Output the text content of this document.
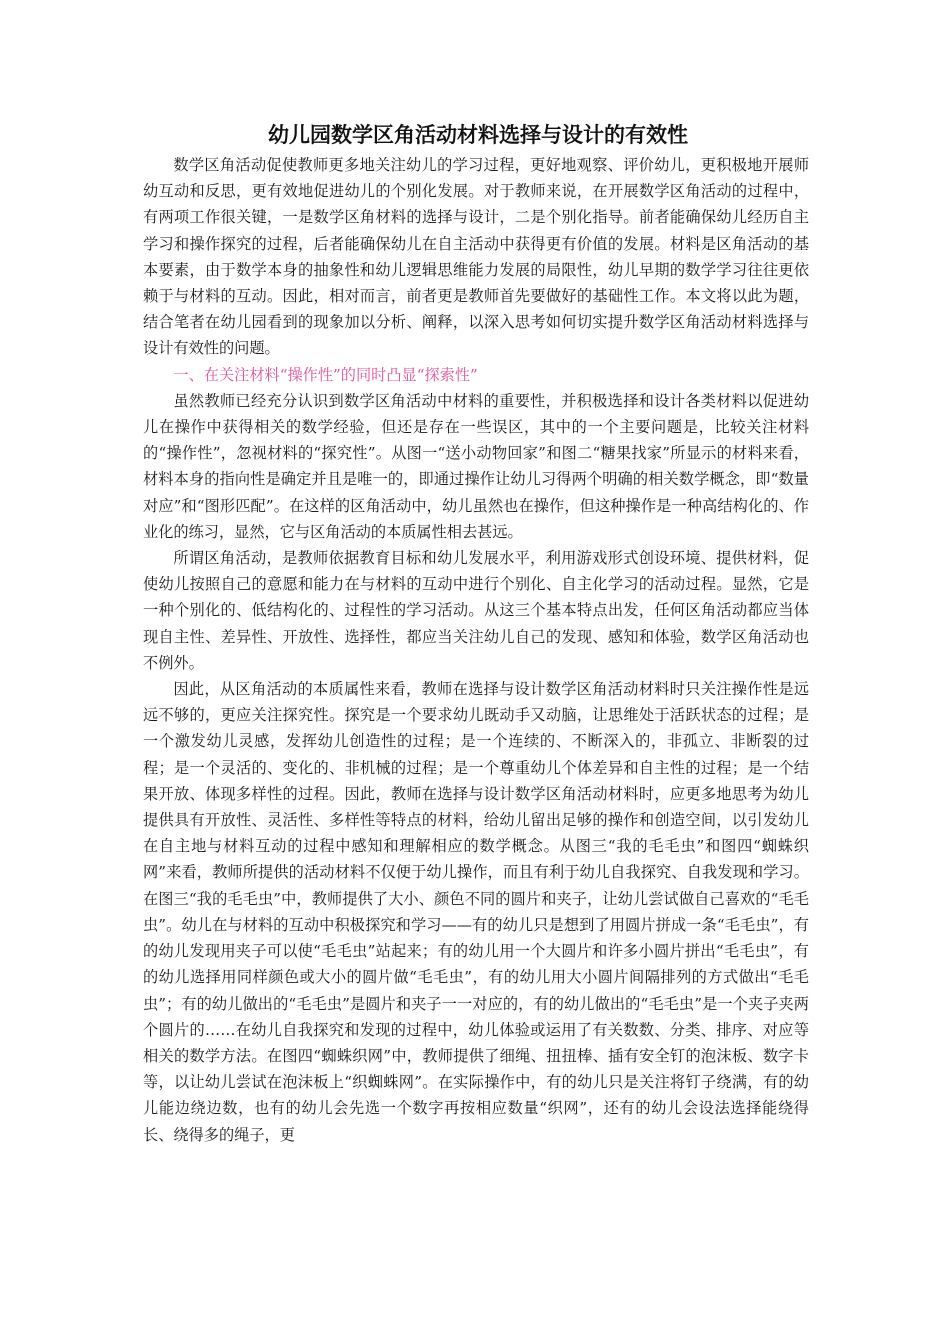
幼儿园数学区角活动材料选择与设计的有效性

数学区角活动促使教师更多地关注幼儿的学习过程，更好地观察、评价幼儿，更积极地开展师幼互动和反思，更有效地促进幼儿的个别化发展。对于教师来说，在开展数学区角活动的过程中，有两项工作很关键，一是数学区角材料的选择与设计，二是个别化指导。前者能确保幼儿经历自主学习和操作探究的过程，后者能确保幼儿在自主活动中获得更有价值的发展。材料是区角活动的基本要素，由于数学本身的抽象性和幼儿逻辑思维能力发展的局限性，幼儿早期的数学学习往往更依赖于与材料的互动。因此，相对而言，前者更是教师首先要做好的基础性工作。本文将以此为题，结合笔者在幼儿园看到的现象加以分析、阐释，以深入思考如何切实提升数学区角活动材料选择与设计有效性的问题。

一、在关注材料“操作性”的同时凸显“探索性”

虽然教师已经充分认识到数学区角活动中材料的重要性，并积极选择和设计各类材料以促进幼儿在操作中获得相关的数学经验，但还是存在一些误区，其中的一个主要问题是，比较关注材料的“操作性”，忽视材料的“探究性”。从图一“送小动物回家”和图二“糖果找家”所显示的材料来看，材料本身的指向性是确定并且是唯一的，即通过操作让幼儿习得两个明确的相关数学概念，即“数量对应”和“图形匹配”。在这样的区角活动中，幼儿虽然也在操作，但这种操作是一种高结构化的、作业化的练习，显然，它与区角活动的本质属性相去甚远。

所谓区角活动，是教师依据教育目标和幼儿发展水平，利用游戏形式创设环境、提供材料，促使幼儿按照自己的意愿和能力在与材料的互动中进行个别化、自主化学习的活动过程。显然，它是一种个别化的、低结构化的、过程性的学习活动。从这三个基本特点出发，任何区角活动都应当体现自主性、差异性、开放性、选择性，都应当关注幼儿自己的发现、感知和体验，数学区角活动也不例外。

因此，从区角活动的本质属性来看，教师在选择与设计数学区角活动材料时只关注操作性是远远不够的，更应关注探究性。探究是一个要求幼儿既动手又动脑，让思维处于活跃状态的过程；是一个激发幼儿灵感，发挥幼儿创造性的过程；是一个连续的、不断深入的，非孤立、非断裂的过程；是一个灵活的、变化的、非机械的过程；是一个尊重幼儿个体差异和自主性的过程；是一个结果开放、体现多样性的过程。因此，教师在选择与设计数学区角活动材料时，应更多地思考为幼儿提供具有开放性、灵活性、多样性等特点的材料，给幼儿留出足够的操作和创造空间，以引发幼儿在自主地与材料互动的过程中感知和理解相应的数学概念。从图三“我的毛毛虫”和图四“蜘蛛织网”来看，教师所提供的活动材料不仅便于幼儿操作，而且有利于幼儿自我探究、自我发现和学习。在图三“我的毛毛虫”中，教师提供了大小、颜色不同的圆片和夹子，让幼儿尝试做自己喜欢的“毛毛虫”。幼儿在与材料的互动中积极探究和学习——有的幼儿只是想到了用圆片拼成一条“毛毛虫”，有的幼儿发现用夹子可以使“毛毛虫”站起来；有的幼儿用一个大圆片和许多小圆片拼出“毛毛虫”，有的幼儿选择用同样颜色或大小的圆片做“毛毛虫”，有的幼儿用大小圆片间隔排列的方式做出“毛毛虫”；有的幼儿做出的“毛毛虫”是圆片和夹子一一对应的，有的幼儿做出的“毛毛虫”是一个夹子夹两个圆片的……在幼儿自我探究和发现的过程中，幼儿体验或运用了有关数数、分类、排序、对应等相关的数学方法。在图四“蜘蛛织网”中，教师提供了细绳、扭扭棒、插有安全钉的泡沫板、数字卡等，以让幼儿尝试在泡沫板上“织蜘蛛网”。在实际操作中，有的幼儿只是关注将钉子绕满，有的幼儿能边绕边数，也有的幼儿会先选一个数字再按相应数量“织网”，还有的幼儿会设法选择能绕得长、绕得多的绳子，更
